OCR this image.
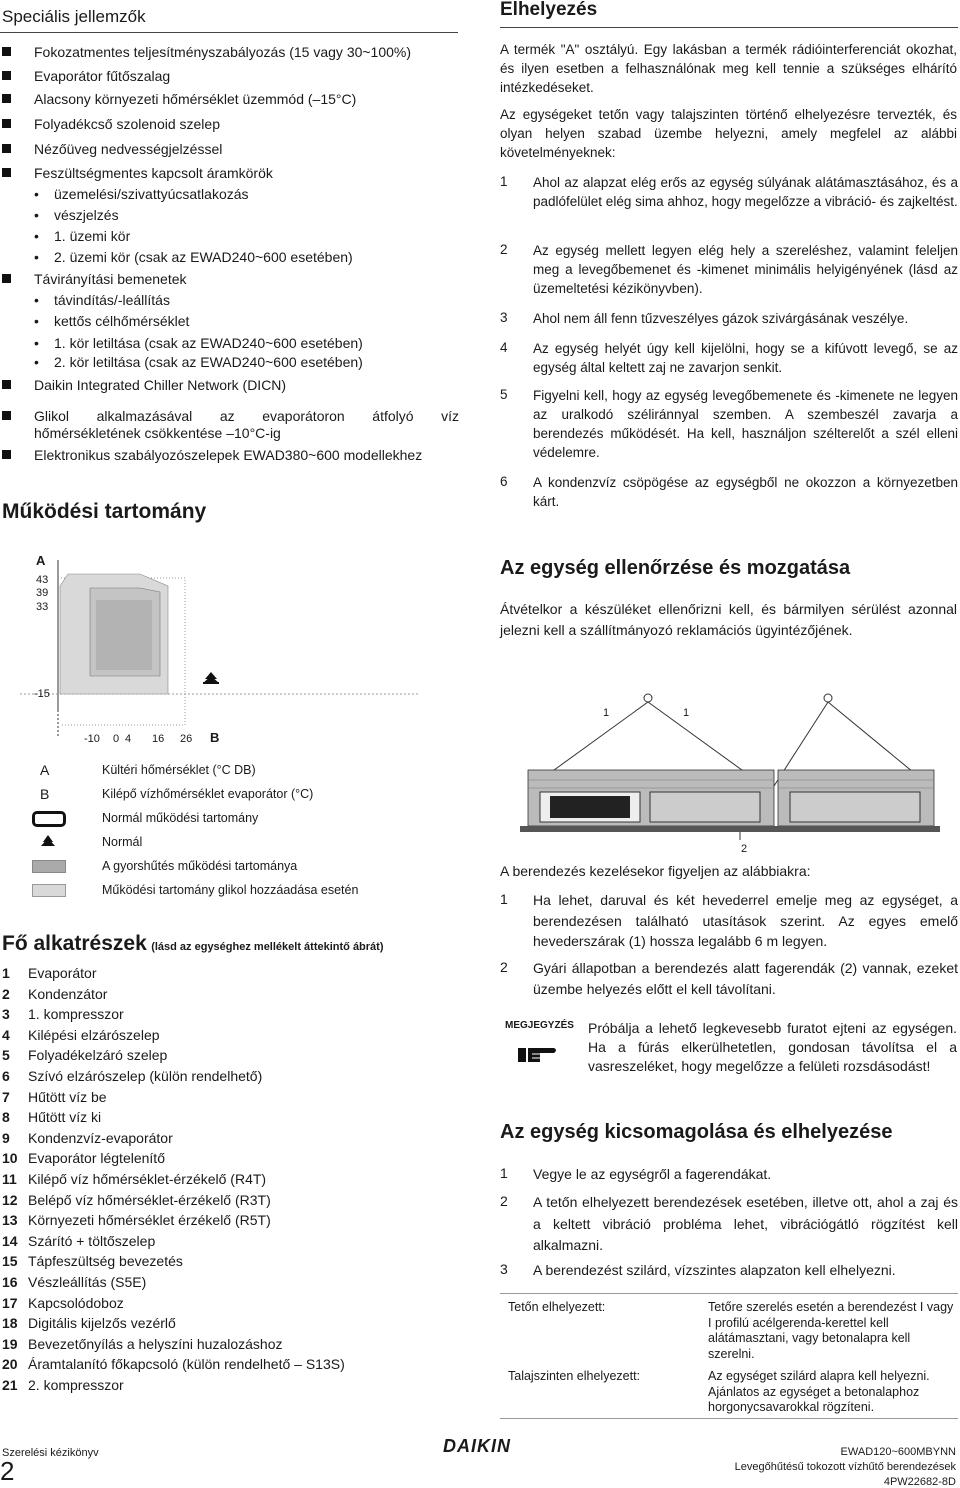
Speciális jellemzők
Fokozatmentes teljesítményszabályozás (15 vagy 30~100%)
Evaporátor fűtőszalag
Alacsony környezeti hőmérséklet üzemmód (–15°C)
Folyadékcső szolenoid szelep
Nézőüveg nedvességjelzéssel
Feszültségmentes kapcsolt áramkörök
• üzemelési/szivattyúcsatlakozás
• vészjelzés
• 1. üzemi kör
• 2. üzemi kör (csak az EWAD240~600 esetében)
Távirányítási bemenetek
• távindítás/-leállítás
• kettős célhőmérséklet
• 1. kör letiltása (csak az EWAD240~600 esetében)
• 2. kör letiltása (csak az EWAD240~600 esetében)
Daikin Integrated Chiller Network (DICN)
Glikol alkalmazásával az evaporátoron átfolyó víz
hőmérsékletének csökkentése –10°C-ig
Elektronikus szabályozószelepek EWAD380~600 modellekhez
Működési tartomány
A
43
39
33
-15
-10 0 4 16 26 B
A	Kültéri hőmérséklet (°C DB)
B	Kilépő vízhőmérséklet evaporátor (°C)
Normál működési tartomány
Normál
A gyorshűtés működési tartománya
Működési tartomány glikol hozzáadása esetén
Fő alkatrészek (lásd az egységhez mellékelt áttekintő ábrát)
1 Evaporátor
2 Kondenzátor
3 1. kompresszor
4 Kilépési elzárószelep
5 Folyadékelzáró szelep
6 Szívó elzárószelep (külön rendelhető)
7 Hűtött víz be
8 Hűtött víz ki
9 Kondenzvíz-evaporátor
10 Evaporátor légtelenítő
11 Kilépő víz hőmérséklet-érzékelő (R4T)
12 Belépő víz hőmérséklet-érzékelő (R3T)
13 Környezeti hőmérséklet érzékelő (R5T)
14 Szárító + töltőszelep
15 Tápfeszültség bevezetés
16 Vészleállítás (S5E)
17 Kapcsolódoboz
18 Digitális kijelzős vezérlő
19 Bevezetőnyílás a helyszíni huzalozáshoz
20 Áramtalanító főkapcsoló (külön rendelhető – S13S)
21 2. kompresszor
Elhelyezés
A termék "A" osztályú. Egy lakásban a termék rádióinterferenciát okozhat, és ilyen esetben a felhasználónak meg kell tennie a szükséges elhárító intézkedéseket.
Az egységeket tetőn vagy talajszinten történő elhelyezésre tervezték, és olyan helyen szabad üzembe helyezni, amely megfelel az alábbi követelményeknek:
1 Ahol az alapzat elég erős az egység súlyának alátámasztásához, és a padlófelület elég sima ahhoz, hogy megelőzze a vibráció- és zajkeltést.
2 Az egység mellett legyen elég hely a szereléshez, valamint feleljen meg a levegőbemenet és -kimenet minimális helyigényének (lásd az üzemeltetési kézikönyvben).
3 Ahol nem áll fenn tűzveszélyes gázok szivárgásának veszélye.
4 Az egység helyét úgy kell kijelölni, hogy se a kifúvott levegő, se az egység által keltett zaj ne zavarjon senkit.
5 Figyelni kell, hogy az egység levegőbemenete és -kimenete ne legyen az uralkodó széliránnyal szemben. A szembeszél zavarja a berendezés működését. Ha kell, használjon szélterelőt a szél elleni védelemre.
6 A kondenzvíz csöpögése az egységből ne okozzon a környezetben kárt.
Az egység ellenőrzése és mozgatása
Átvételkor a készüléket ellenőrizni kell, és bármilyen sérülést azonnal jelezni kell a szállítmányozó reklamációs ügyintézőjének.
1	1
2
A berendezés kezelésekor figyeljen az alábbiakra:
1 Ha lehet, daruval és két hevederrel emelje meg az egységet, a berendezésen található utasítások szerint. Az egyes emelő hevederszárak (1) hossza legalább 6 m legyen.
2 Gyári állapotban a berendezés alatt fagerendák (2) vannak, ezeket üzembe helyezés előtt el kell távolítani.
MEGJEGYZÉS Próbálja a lehető legkevesebb furatot ejteni az egységen. Ha a fúrás elkerülhetetlen, gondosan távolítsa el a vasreszeléket, hogy megelőzze a felületi rozsdásodást!
Az egység kicsomagolása és elhelyezése
1 Vegye le az egységről a fagerendákat.
2 A tetőn elhelyezett berendezések esetében, illetve ott, ahol a zaj és a keltett vibráció probléma lehet, vibrációgátló rögzítést kell alkalmazni.
3 A berendezést szilárd, vízszintes alapzaton kell elhelyezni.
Tetőn elhelyezett:	Tetőre szerelés esetén a berendezést I vagy I profilú acélgerenda-kerettel kell alátámasztani, vagy betonalapra kell szerelni.
Talajszinten elhelyezett:	Az egységet szilárd alapra kell helyezni. Ajánlatos az egységet a betonalaphoz horgonycsavarokkal rögzíteni.
Szerelési kézikönyv
2
DAIKIN	EWAD120~600MBYNN
Levegőhűtésű tokozott vízhűtő berendezések
4PW22682-8D
